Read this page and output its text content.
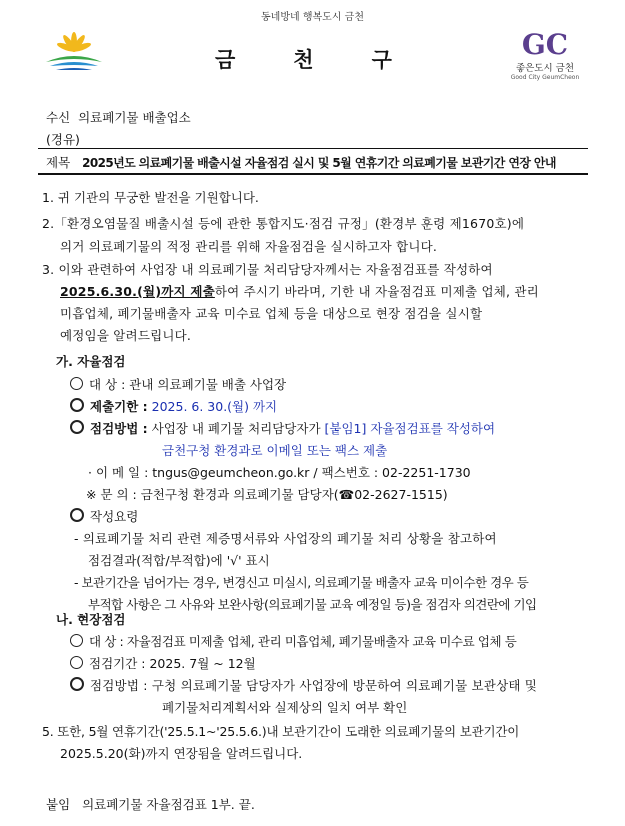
동네방네 행복도시 금천
금	천	구	GC
좋은도시 금천
Good City GeumCheon
수신 의료폐기물 배출업소
(경유)
제목 2025년도 의료폐기물 배출시설 자율점검 실시 및 5월 연휴기간 의료폐기물 보관기간 연장 안내
1. 귀 기관의 무궁한 발전을 기원합니다.
2.「환경오염물질 배출시설 등에 관한 통합지도·점검 규정」(환경부 훈령 제1670호)에
의거 의료폐기물의 적정 관리를 위해 자율점검을 실시하고자 합니다.
3. 이와 관련하여 사업장 내 의료폐기물 처리담당자께서는 자율점검표를 작성하여
2025.6.30.(월)까지 제출하여 주시기 바라며, 기한 내 자율점검표 미제출 업체, 관리
미흡업체, 폐기물배출자 교육 미수료 업체 등을 대상으로 현장 점검을 실시할
예정임을 알려드립니다.
가. 자율점검
대 상 : 관내 의료폐기물 배출 사업장
제출기한 : 2025. 6. 30.(월) 까지
점검방법 : 사업장 내 폐기물 처리담당자가 [붙임1] 자율점검표를 작성하여
금천구청 환경과로 이메일 또는 팩스 제출
· 이 메 일 : tngus@geumcheon.go.kr / 팩스번호 : 02-2251-1730
※ 문 의 : 금천구청 환경과 의료폐기물 담당자(☎02-2627-1515)
작성요령
- 의료폐기물 처리 관련 제증명서류와 사업장의 폐기물 처리 상황을 참고하여
점검결과(적합/부적합)에 '√' 표시
- 보관기간을 넘어가는 경우, 변경신고 미실시, 의료폐기물 배출자 교육 미이수한 경우 등
부적합 사항은 그 사유와 보완사항(의료폐기물 교육 예정일 등)을 점검자 의견란에 기입
나. 현장점검
대 상 : 자율점검표 미제출 업체, 관리 미흡업체, 폐기물배출자 교육 미수료 업체 등
점검기간 : 2025. 7월 ~ 12월
점검방법 : 구청 의료폐기물 담당자가 사업장에 방문하여 의료폐기물 보관상태 및
폐기물처리계획서와 실제상의 일치 여부 확인
5. 또한, 5월 연휴기간('25.5.1~'25.5.6.)내 보관기간이 도래한 의료폐기물의 보관기간이
2025.5.20(화)까지 연장됨을 알려드립니다.
붙임 의료폐기물 자율점검표 1부. 끝.
